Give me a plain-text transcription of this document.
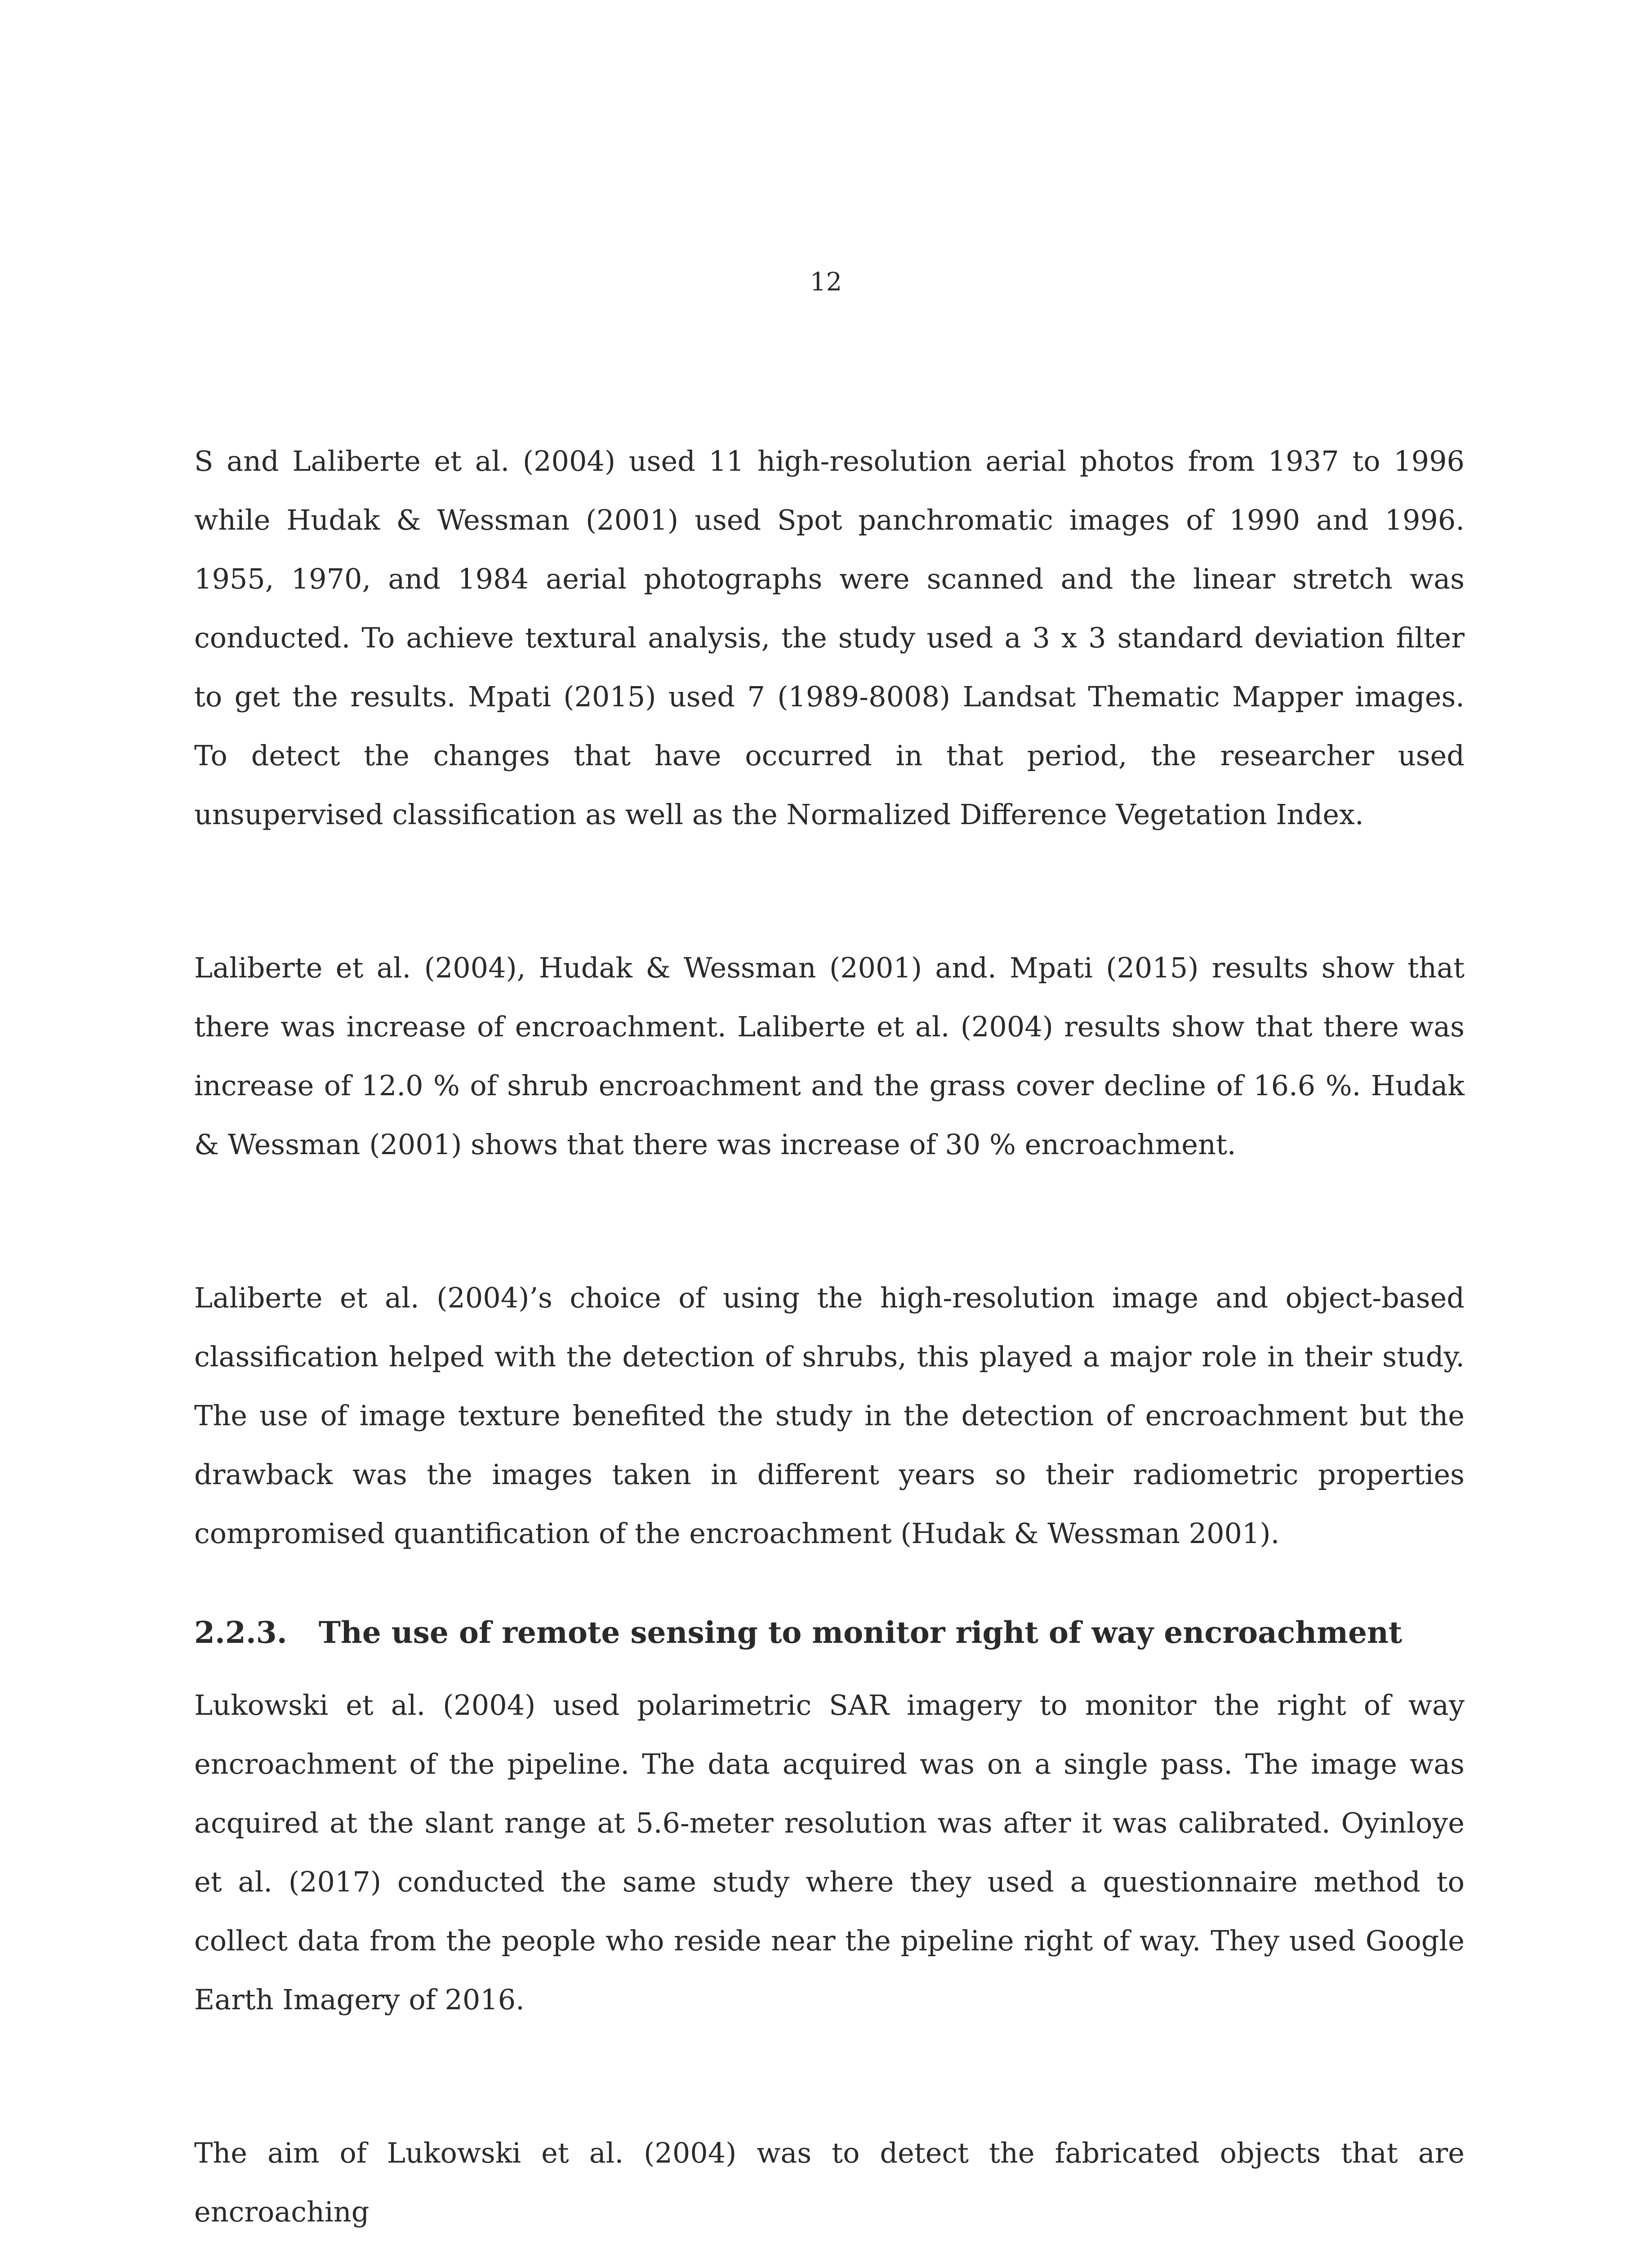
12

S and Laliberte et al. (2004) used 11 high-resolution aerial photos from 1937 to 1996 while Hudak & Wessman (2001) used Spot panchromatic images of 1990 and 1996. 1955, 1970, and 1984 aerial photographs were scanned and the linear stretch was conducted. To achieve textural analysis, the study used a 3 x 3 standard deviation filter to get the results. Mpati (2015) used 7 (1989-8008) Landsat Thematic Mapper images. To detect the changes that have occurred in that period, the researcher used unsupervised classification as well as the Normalized Difference Vegetation Index.

Laliberte et al. (2004), Hudak & Wessman (2001) and. Mpati (2015) results show that there was increase of encroachment. Laliberte et al. (2004) results show that there was increase of 12.0 % of shrub encroachment and the grass cover decline of 16.6 %. Hudak & Wessman (2001) shows that there was increase of 30 % encroachment.

Laliberte et al. (2004)’s choice of using the high-resolution image and object-based classification helped with the detection of shrubs, this played a major role in their study. The use of image texture benefited the study in the detection of encroachment but the drawback was the images taken in different years so their radiometric properties compromised quantification of the encroachment (Hudak & Wessman 2001).

2.2.3. The use of remote sensing to monitor right of way encroachment

Lukowski et al. (2004) used polarimetric SAR imagery to monitor the right of way encroachment of the pipeline. The data acquired was on a single pass. The image was acquired at the slant range at 5.6-meter resolution was after it was calibrated. Oyinloye et al. (2017) conducted the same study where they used a questionnaire method to collect data from the people who reside near the pipeline right of way. They used Google Earth Imagery of 2016.

The aim of Lukowski et al. (2004) was to detect the fabricated objects that are encroaching
